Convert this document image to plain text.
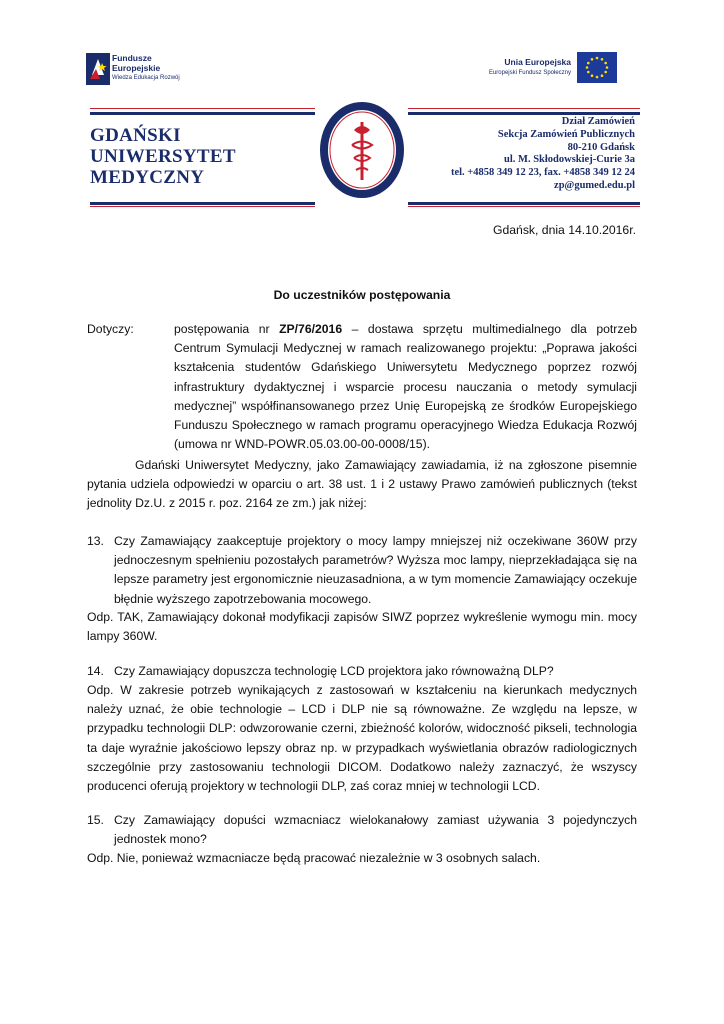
Fundusze
Europejskie
Wiedza Edukacja Rozwój
Unia Europejska
Europejski Fundusz Społeczny
GDAŃSKI
UNIWERSYTET
MEDYCZNY
Dział Zamówień
Sekcja Zamówień Publicznych
80-210 Gdańsk
ul. M. Skłodowskiej-Curie 3a
tel. +4858 349 12 23, fax. +4858 349 12 24
zp@gumed.edu.pl
Gdańsk, dnia 14.10.2016r.
Do uczestników postępowania
Dotyczy:	postępowania nr ZP/76/2016 – dostawa sprzętu multimedialnego dla potrzeb Centrum Symulacji Medycznej w ramach realizowanego projektu: „Poprawa jakości kształcenia studentów Gdańskiego Uniwersytetu Medycznego poprzez rozwój infrastruktury dydaktycznej i wsparcie procesu nauczania o metody symulacji medycznej” współfinansowanego przez Unię Europejską ze środków Europejskiego Funduszu Społecznego w ramach programu operacyjnego Wiedza Edukacja Rozwój (umowa nr WND-POWR.05.03.00-00-0008/15).
Gdański Uniwersytet Medyczny, jako Zamawiający zawiadamia, iż na zgłoszone pisemnie pytania udziela odpowiedzi w oparciu o art. 38 ust. 1 i 2 ustawy Prawo zamówień publicznych (tekst jednolity Dz.U. z 2015 r. poz. 2164 ze zm.) jak niżej:
13. Czy Zamawiający zaakceptuje projektory o mocy lampy mniejszej niż oczekiwane 360W przy jednoczesnym spełnieniu pozostałych parametrów? Wyższa moc lampy, nieprzekładająca się na lepsze parametry jest ergonomicznie nieuzasadniona, a w tym momencie Zamawiający oczekuje błędnie wyższego zapotrzebowania mocowego.
Odp. TAK, Zamawiający dokonał modyfikacji zapisów SIWZ poprzez wykreślenie wymogu min. mocy lampy 360W.
14. Czy Zamawiający dopuszcza technologię LCD projektora jako równoważną DLP?
Odp. W zakresie potrzeb wynikających z zastosowań w kształceniu na kierunkach medycznych należy uznać, że obie technologie – LCD i DLP nie są równoważne. Ze względu na lepsze, w przypadku technologii DLP: odwzorowanie czerni, zbieżność kolorów, widoczność pikseli, technologia ta daje wyraźnie jakościowo lepszy obraz np. w przypadkach wyświetlania obrazów radiologicznych szczególnie przy zastosowaniu technologii DICOM. Dodatkowo należy zaznaczyć, że wszyscy producenci oferują projektory w technologii DLP, zaś coraz mniej w technologii LCD.
15. Czy Zamawiający dopuści wzmacniacz wielokanałowy zamiast używania 3 pojedynczych jednostek mono?
Odp. Nie, ponieważ wzmacniacze będą pracować niezależnie w 3 osobnych salach.
